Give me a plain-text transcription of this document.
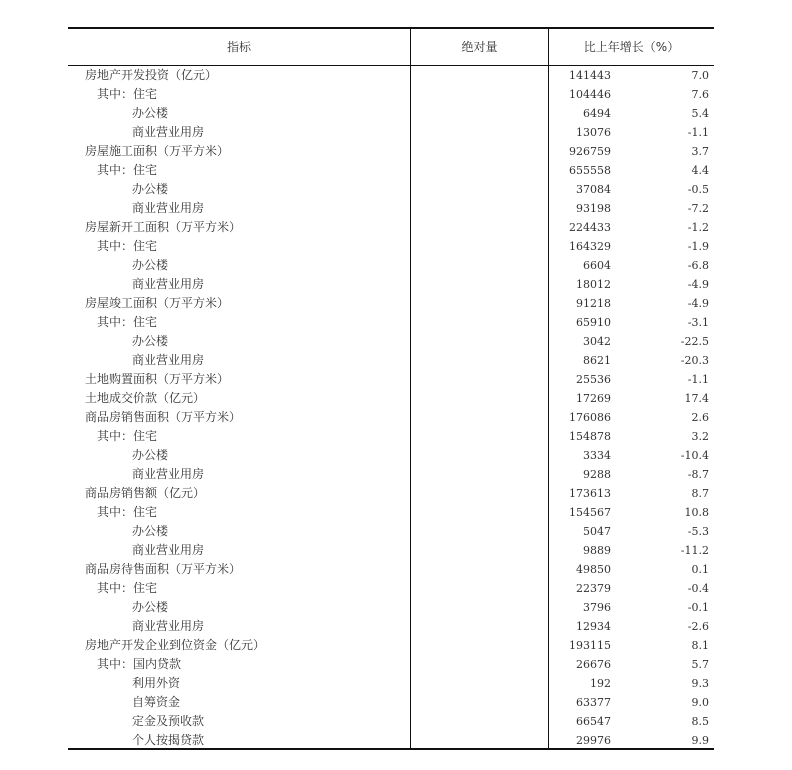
指标	绝对量	比上年增长（%）
房地产开发投资（亿元）	141443	7.0
其中：住宅	104446	7.6
办公楼	6494	5.4
商业营业用房	13076	-1.1
房屋施工面积（万平方米）	926759	3.7
其中：住宅	655558	4.4
办公楼	37084	-0.5
商业营业用房	93198	-7.2
房屋新开工面积（万平方米）	224433	-1.2
其中：住宅	164329	-1.9
办公楼	6604	-6.8
商业营业用房	18012	-4.9
房屋竣工面积（万平方米）	91218	-4.9
其中：住宅	65910	-3.1
办公楼	3042	-22.5
商业营业用房	8621	-20.3
土地购置面积（万平方米）	25536	-1.1
土地成交价款（亿元）	17269	17.4
商品房销售面积（万平方米）	176086	2.6
其中：住宅	154878	3.2
办公楼	3334	-10.4
商业营业用房	9288	-8.7
商品房销售额（亿元）	173613	8.7
其中：住宅	154567	10.8
办公楼	5047	-5.3
商业营业用房	9889	-11.2
商品房待售面积（万平方米）	49850	0.1
其中：住宅	22379	-0.4
办公楼	3796	-0.1
商业营业用房	12934	-2.6
房地产开发企业到位资金（亿元）	193115	8.1
其中：国内贷款	26676	5.7
利用外资	192	9.3
自筹资金	63377	9.0
定金及预收款	66547	8.5
个人按揭贷款	29976	9.9
